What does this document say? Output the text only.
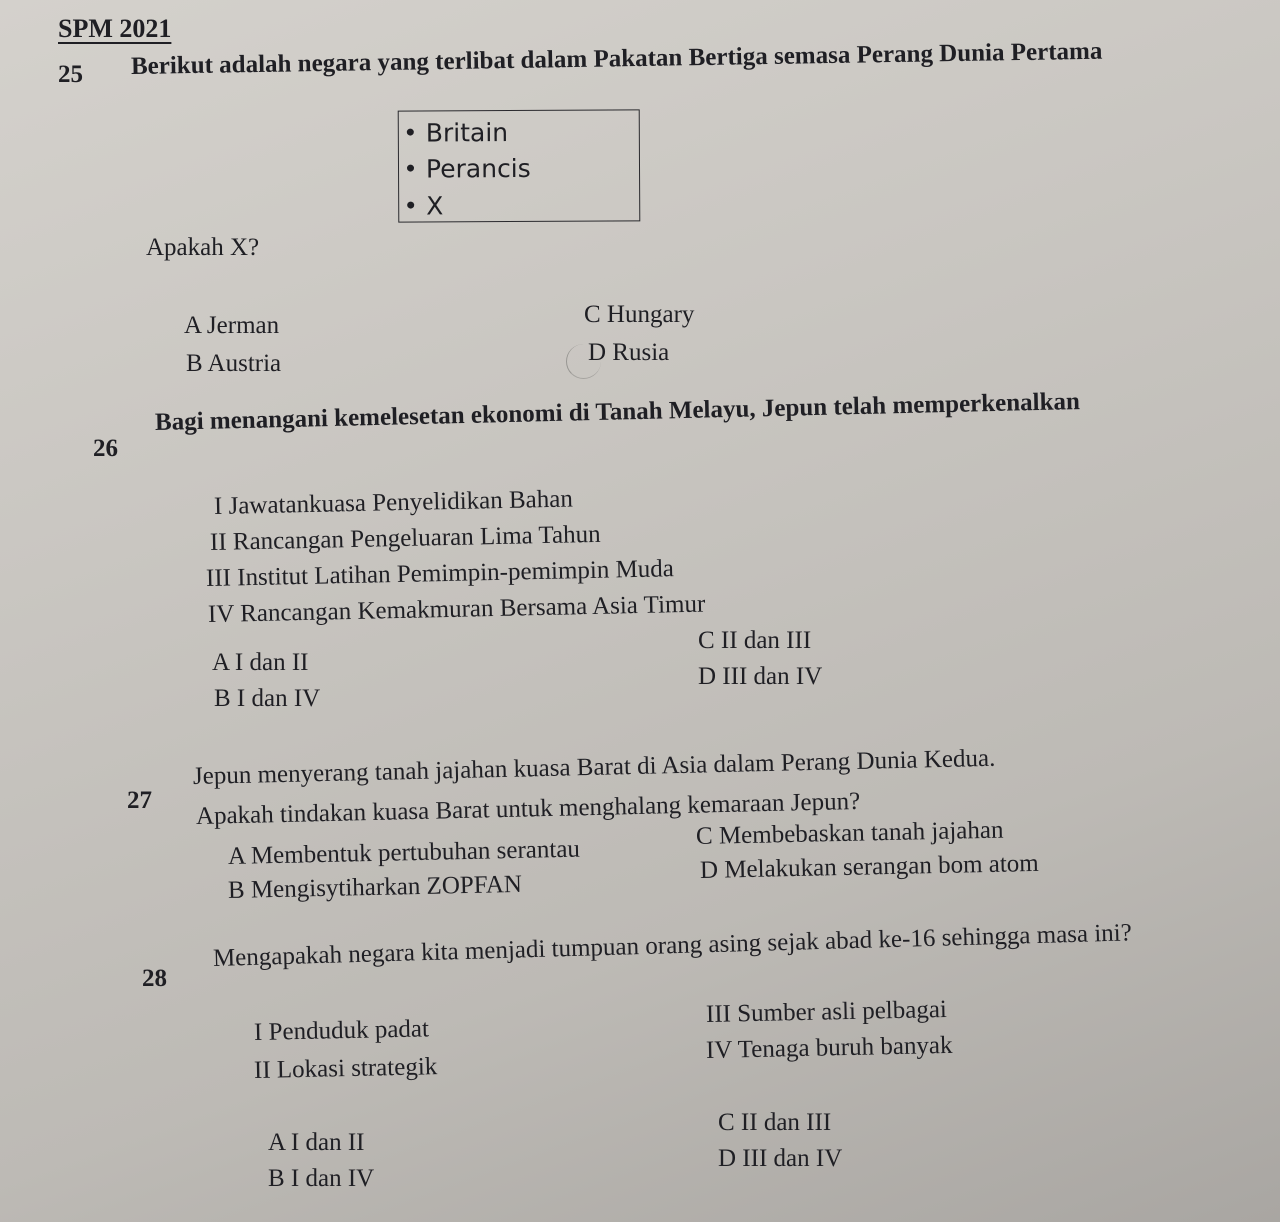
SPM 2021
25 Berikut adalah negara yang terlibat dalam Pakatan Bertiga semasa Perang Dunia Pertama
Britain
Perancis
X
Apakah X?
A Jerman
B Austria
C Hungary
D Rusia
26
Bagi menangani kemelesetan ekonomi di Tanah Melayu, Jepun telah memperkenalkan
I Jawatankuasa Penyelidikan Bahan
II Rancangan Pengeluaran Lima Tahun
III Institut Latihan Pemimpin-pemimpin Muda
IV Rancangan Kemakmuran Bersama Asia Timur
A I dan II
B I dan IV
C II dan III
D III dan IV
27
Jepun menyerang tanah jajahan kuasa Barat di Asia dalam Perang Dunia Kedua.
Apakah tindakan kuasa Barat untuk menghalang kemaraan Jepun?
A Membentuk pertubuhan serantau
B Mengisytiharkan ZOPFAN
C Membebaskan tanah jajahan
D Melakukan serangan bom atom
28
Mengapakah negara kita menjadi tumpuan orang asing sejak abad ke-16 sehingga masa ini?
I Penduduk padat
II Lokasi strategik
III Sumber asli pelbagai
IV Tenaga buruh banyak
A I dan II
B I dan IV
C II dan III
D III dan IV
